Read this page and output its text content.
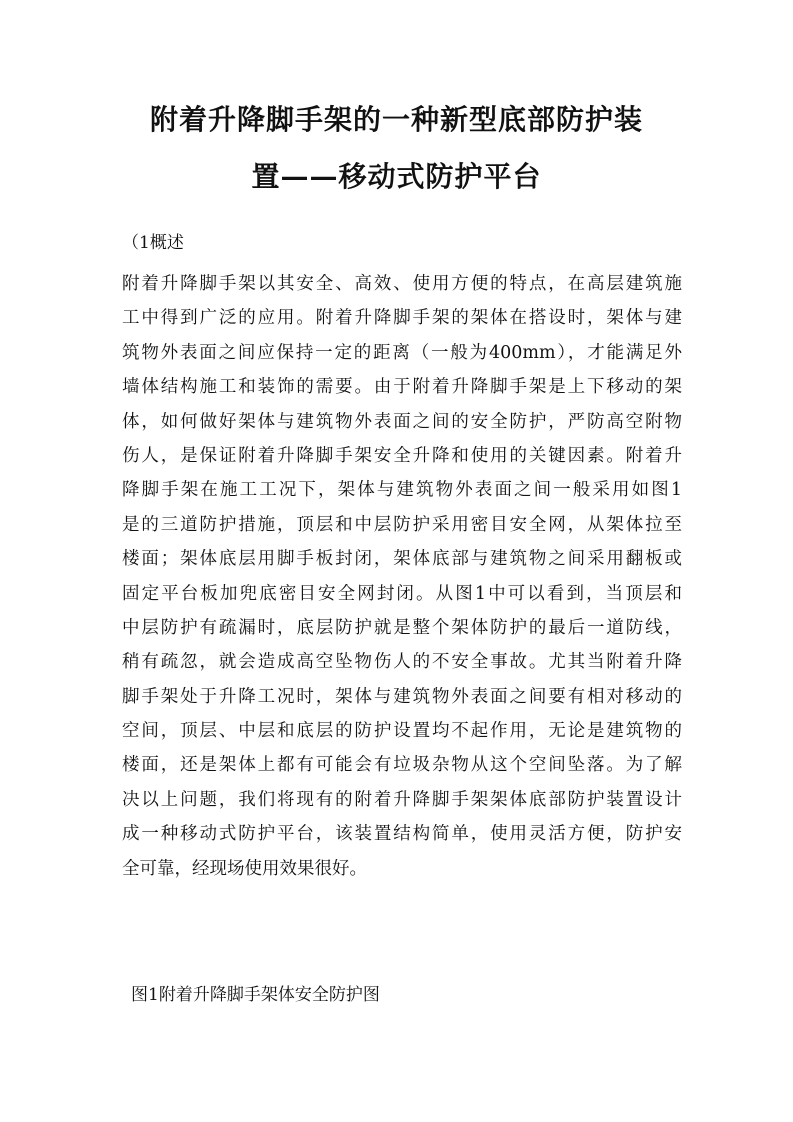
附着升降脚手架的一种新型底部防护装
置——移动式防护平台
（1概述
附着升降脚手架以其安全、高效、使用方便的特点，在高层建筑施
工中得到广泛的应用。附着升降脚手架的架体在搭设时，架体与建
筑物外表面之间应保持一定的距离（一般为400mm），才能满足外
墙体结构施工和装饰的需要。由于附着升降脚手架是上下移动的架
体，如何做好架体与建筑物外表面之间的安全防护，严防高空附物
伤人，是保证附着升降脚手架安全升降和使用的关键因素。附着升
降脚手架在施工工况下，架体与建筑物外表面之间一般采用如图1
是的三道防护措施，顶层和中层防护采用密目安全网，从架体拉至
楼面；架体底层用脚手板封闭，架体底部与建筑物之间采用翻板或
固定平台板加兜底密目安全网封闭。从图1中可以看到，当顶层和
中层防护有疏漏时，底层防护就是整个架体防护的最后一道防线，
稍有疏忽，就会造成高空坠物伤人的不安全事故。尤其当附着升降
脚手架处于升降工况时，架体与建筑物外表面之间要有相对移动的
空间，顶层、中层和底层的防护设置均不起作用，无论是建筑物的
楼面，还是架体上都有可能会有垃圾杂物从这个空间坠落。为了解
决以上问题，我们将现有的附着升降脚手架架体底部防护装置设计
成一种移动式防护平台，该装置结构简单，使用灵活方便，防护安
全可靠，经现场使用效果很好。
图1附着升降脚手架体安全防护图
